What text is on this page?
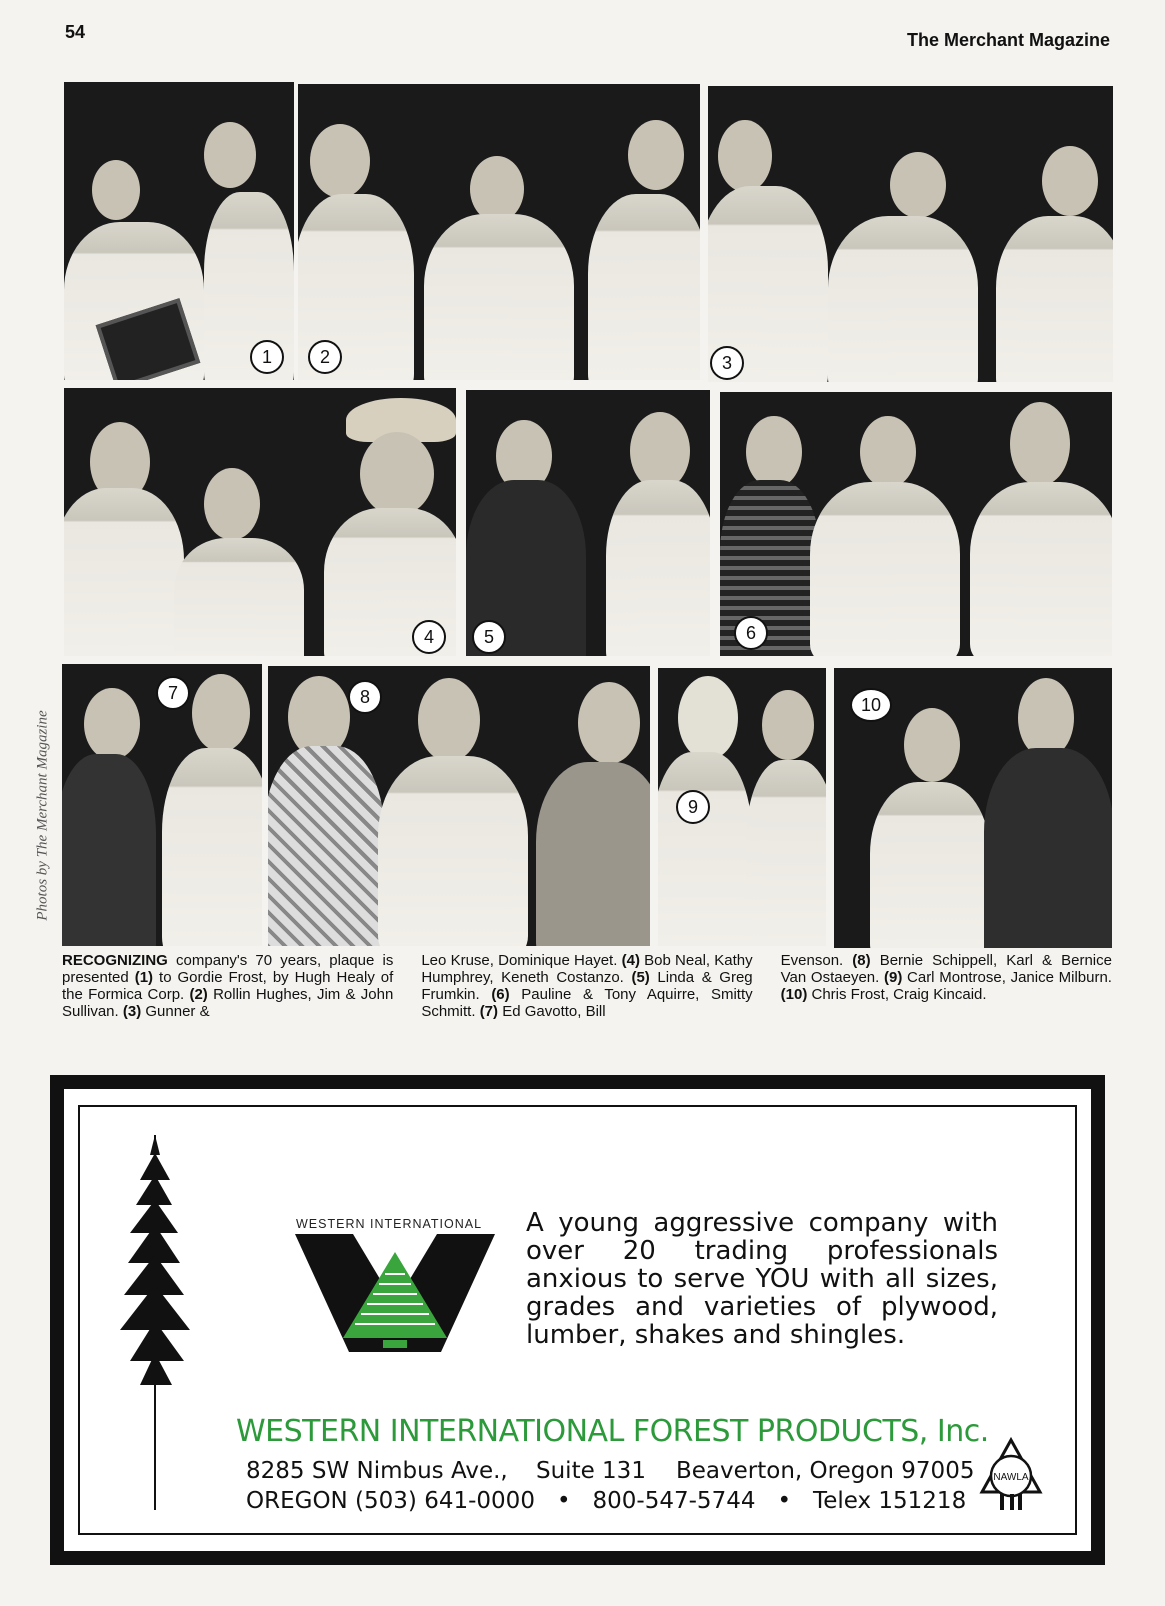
54	The Merchant Magazine
1	2	3
4	5	6
7	8
9
10
Photos by The Merchant Magazine

RECOGNIZING company's 70 years, plaque is presented (1) to Gordie Frost, by Hugh Healy of the Formica Corp. (2) Rollin Hughes, Jim & John Sullivan. (3) Gunner &

Leo Kruse, Dominique Hayet. (4) Bob Neal, Kathy Humphrey, Keneth Costanzo. (5) Linda & Greg Frumkin. (6) Pauline & Tony Aquirre, Smitty Schmitt. (7) Ed Gavotto, Bill

Evenson. (8) Bernie Schippell, Karl & Bernice Van Ostaeyen. (9) Carl Montrose, Janice Milburn. (10) Chris Frost, Craig Kincaid.

WESTERN INTERNATIONAL A young aggressive company with over 20 trading professionals anxious to serve YOU with all sizes, grades and varieties of plywood, lumber, shakes and shingles.
WESTERN INTERNATIONAL FOREST PRODUCTS, Inc.
8285 SW Nimbus Ave.,	Suite 131	Beaverton, Oregon 97005
OREGON (503) 641-0000 • 800-547-5744 • Telex 151218
NAWLA
